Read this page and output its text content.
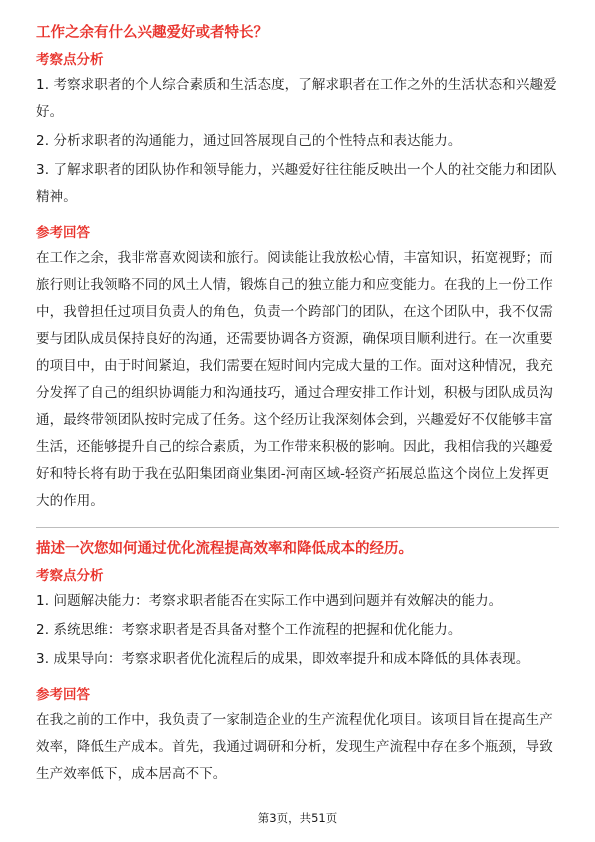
工作之余有什么兴趣爱好或者特长？
考察点分析
1. 考察求职者的个人综合素质和生活态度，了解求职者在工作之外的生活状态和兴趣爱好。
2. 分析求职者的沟通能力，通过回答展现自己的个性特点和表达能力。
3. 了解求职者的团队协作和领导能力，兴趣爱好往往能反映出一个人的社交能力和团队精神。
参考回答
在工作之余，我非常喜欢阅读和旅行。阅读能让我放松心情，丰富知识，拓宽视野；而旅行则让我领略不同的风土人情，锻炼自己的独立能力和应变能力。在我的上一份工作中，我曾担任过项目负责人的角色，负责一个跨部门的团队，在这个团队中，我不仅需要与团队成员保持良好的沟通，还需要协调各方资源，确保项目顺利进行。在一次重要的项目中，由于时间紧迫，我们需要在短时间内完成大量的工作。面对这种情况，我充分发挥了自己的组织协调能力和沟通技巧，通过合理安排工作计划，积极与团队成员沟通，最终带领团队按时完成了任务。这个经历让我深刻体会到，兴趣爱好不仅能够丰富生活，还能够提升自己的综合素质，为工作带来积极的影响。因此，我相信我的兴趣爱好和特长将有助于我在弘阳集团商业集团-河南区域-轻资产拓展总监这个岗位上发挥更大的作用。
描述一次您如何通过优化流程提高效率和降低成本的经历。
考察点分析
1. 问题解决能力：考察求职者能否在实际工作中遇到问题并有效解决的能力。
2. 系统思维：考察求职者是否具备对整个工作流程的把握和优化能力。
3. 成果导向：考察求职者优化流程后的成果，即效率提升和成本降低的具体表现。
参考回答
在我之前的工作中，我负责了一家制造企业的生产流程优化项目。该项目旨在提高生产效率，降低生产成本。首先，我通过调研和分析，发现生产流程中存在多个瓶颈，导致生产效率低下，成本居高不下。
第3页，共51页
